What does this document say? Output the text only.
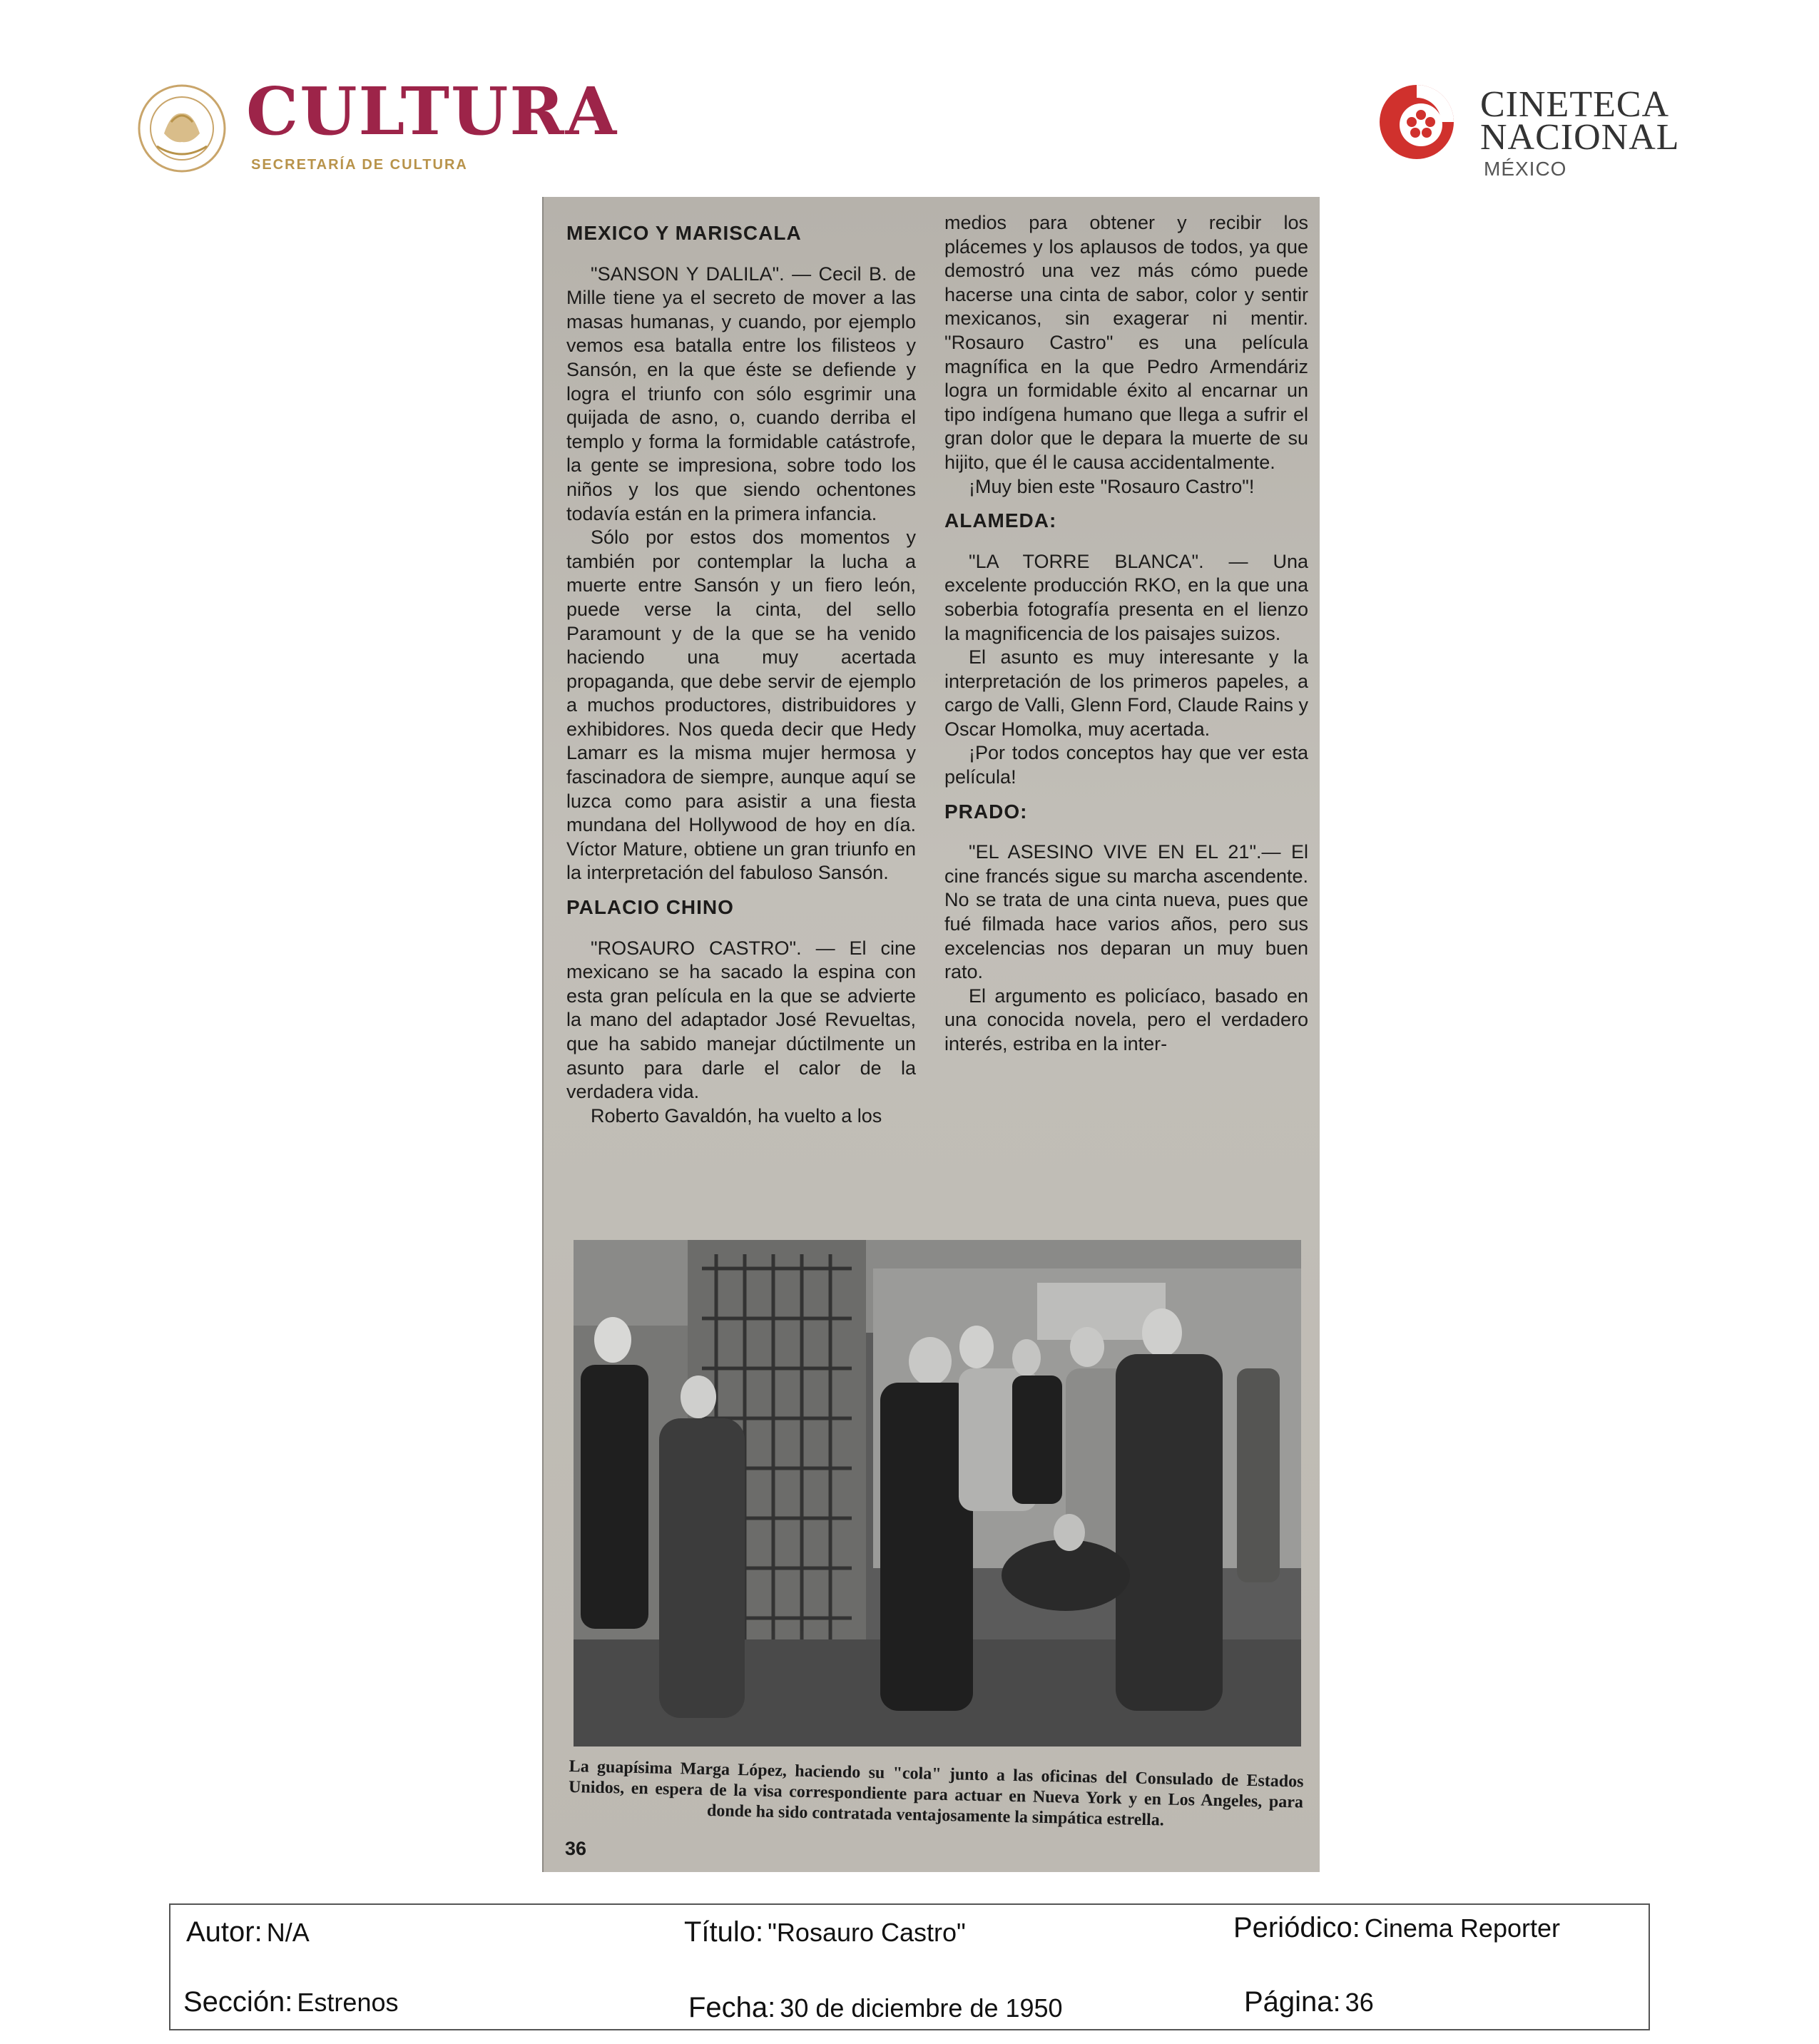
CULTURA
SECRETARÍA DE CULTURA
CINETECA
NACIONAL
MÉXICO
MEXICO Y MARISCALA

"SANSON Y DALILA". — Cecil B. de Mille tiene ya el secreto de mover a las masas humanas, y cuando, por ejemplo vemos esa batalla entre los filisteos y Sansón, en la que éste se defiende y logra el triunfo con sólo esgrimir una quijada de asno, o, cuando derriba el templo y forma la formidable catástrofe, la gente se impresiona, sobre todo los niños y los que siendo ochentones todavía están en la primera infancia.

Sólo por estos dos momentos y también por contemplar la lucha a muerte entre Sansón y un fiero león, puede verse la cinta, del sello Paramount y de la que se ha venido haciendo una muy acertada propaganda, que debe servir de ejemplo a muchos productores, distribuidores y exhibidores. Nos queda decir que Hedy Lamarr es la misma mujer hermosa y fascinadora de siempre, aunque aquí se luzca como para asistir a una fiesta mundana del Hollywood de hoy en día. Víctor Mature, obtiene un gran triunfo en la interpretación del fabuloso Sansón.

PALACIO CHINO

"ROSAURO CASTRO". — El cine mexicano se ha sacado la espina con esta gran película en la que se advierte la mano del adaptador José Revueltas, que ha sabido manejar dúctilmente un asunto para darle el calor de la verdadera vida.

Roberto Gavaldón, ha vuelto a los

medios para obtener y recibir los plácemes y los aplausos de todos, ya que demostró una vez más cómo puede hacerse una cinta de sabor, color y sentir mexicanos, sin exagerar ni mentir. "Rosauro Castro" es una película magnífica en la que Pedro Armendáriz logra un formidable éxito al encarnar un tipo indígena humano que llega a sufrir el gran dolor que le depara la muerte de su hijito, que él le causa accidentalmente.

¡Muy bien este "Rosauro Castro"!

ALAMEDA:

"LA TORRE BLANCA". — Una excelente producción RKO, en la que una soberbia fotografía presenta en el lienzo la magnificencia de los paisajes suizos.

El asunto es muy interesante y la interpretación de los primeros papeles, a cargo de Valli, Glenn Ford, Claude Rains y Oscar Homolka, muy acertada.

¡Por todos conceptos hay que ver esta película!

PRADO:

"EL ASESINO VIVE EN EL 21".— El cine francés sigue su marcha ascendente. No se trata de una cinta nueva, pues que fué filmada hace varios años, pero sus excelencias nos deparan un muy buen rato.

El argumento es policíaco, basado en una conocida novela, pero el verdadero interés, estriba en la inter-

La guapísima Marga López, haciendo su "cola" junto a las oficinas del Consulado de Estados Unidos, en espera de la visa correspondiente para actuar en Nueva York y en Los Angeles, para donde ha sido contratada ventajosamente la simpática estrella.
36
Autor: N/A	Título: "Rosauro Castro"	Periódico: Cinema Reporter
Sección: Estrenos	Fecha: 30 de diciembre de 1950	Página: 36
